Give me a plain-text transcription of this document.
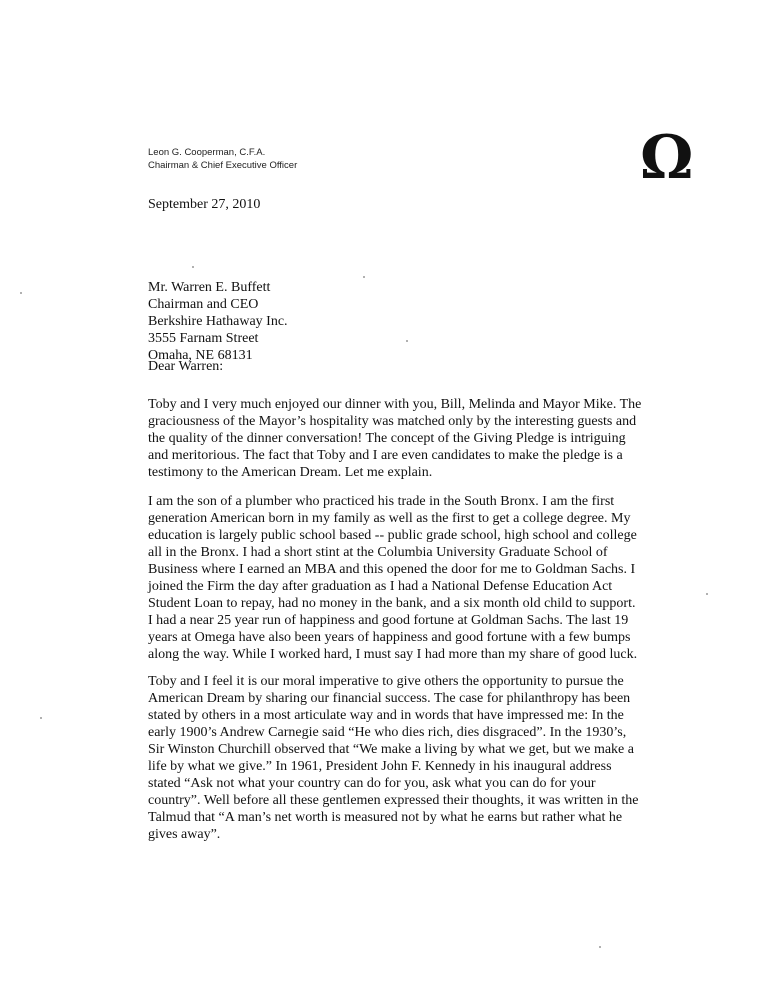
Leon G. Cooperman, C.F.A.
Chairman & Chief Executive Officer	Ω
September 27, 2010
Mr. Warren E. Buffett
Chairman and CEO
Berkshire Hathaway Inc.
3555 Farnam Street
Omaha, NE 68131
Dear Warren:
Toby and I very much enjoyed our dinner with you, Bill, Melinda and Mayor Mike. The
graciousness of the Mayor’s hospitality was matched only by the interesting guests and
the quality of the dinner conversation! The concept of the Giving Pledge is intriguing
and meritorious. The fact that Toby and I are even candidates to make the pledge is a
testimony to the American Dream. Let me explain.
I am the son of a plumber who practiced his trade in the South Bronx. I am the first
generation American born in my family as well as the first to get a college degree. My
education is largely public school based -- public grade school, high school and college
all in the Bronx. I had a short stint at the Columbia University Graduate School of
Business where I earned an MBA and this opened the door for me to Goldman Sachs. I
joined the Firm the day after graduation as I had a National Defense Education Act
Student Loan to repay, had no money in the bank, and a six month old child to support.
I had a near 25 year run of happiness and good fortune at Goldman Sachs. The last 19
years at Omega have also been years of happiness and good fortune with a few bumps
along the way. While I worked hard, I must say I had more than my share of good luck.
Toby and I feel it is our moral imperative to give others the opportunity to pursue the
American Dream by sharing our financial success. The case for philanthropy has been
stated by others in a most articulate way and in words that have impressed me: In the
early 1900’s Andrew Carnegie said “He who dies rich, dies disgraced”. In the 1930’s,
Sir Winston Churchill observed that “We make a living by what we get, but we make a
life by what we give.” In 1961, President John F. Kennedy in his inaugural address
stated “Ask not what your country can do for you, ask what you can do for your
country”. Well before all these gentlemen expressed their thoughts, it was written in the
Talmud that “A man’s net worth is measured not by what he earns but rather what he
gives away”.
